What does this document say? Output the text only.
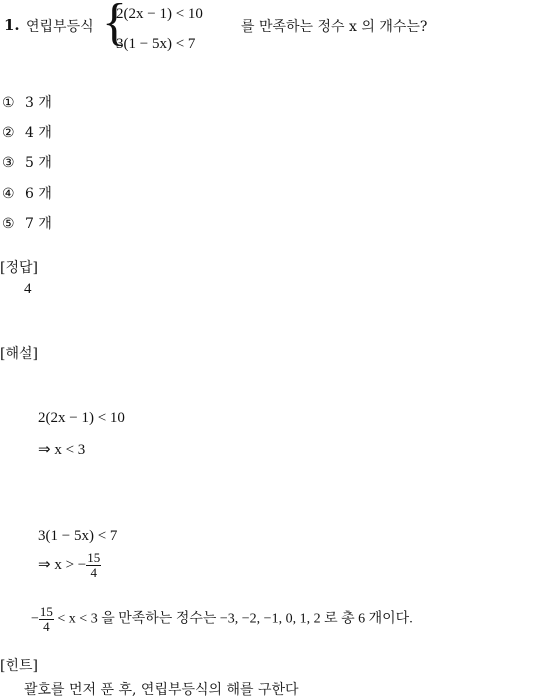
1. 연립부등식 {
2(2x − 1) < 10
3(1 − 5x) < 7
를 만족하는 정수 x 의 개수는?
① 3 개
② 4 개
③ 5 개
④ 6 개
⑤ 7 개
[정답]
4
[해설]
2(2x − 1) < 10
⇒ x < 3
3(1 − 5x) < 7
⇒ x > − $\frac{15}{4}$
− $\frac{15}{4} < x < 3$ 을 만족하는 정수는 −3, −2, −1, 0, 1, 2 로 총 6 개이다.
[힌트]
괄호를 먼저 푼 후, 연립부등식의 해를 구한다
